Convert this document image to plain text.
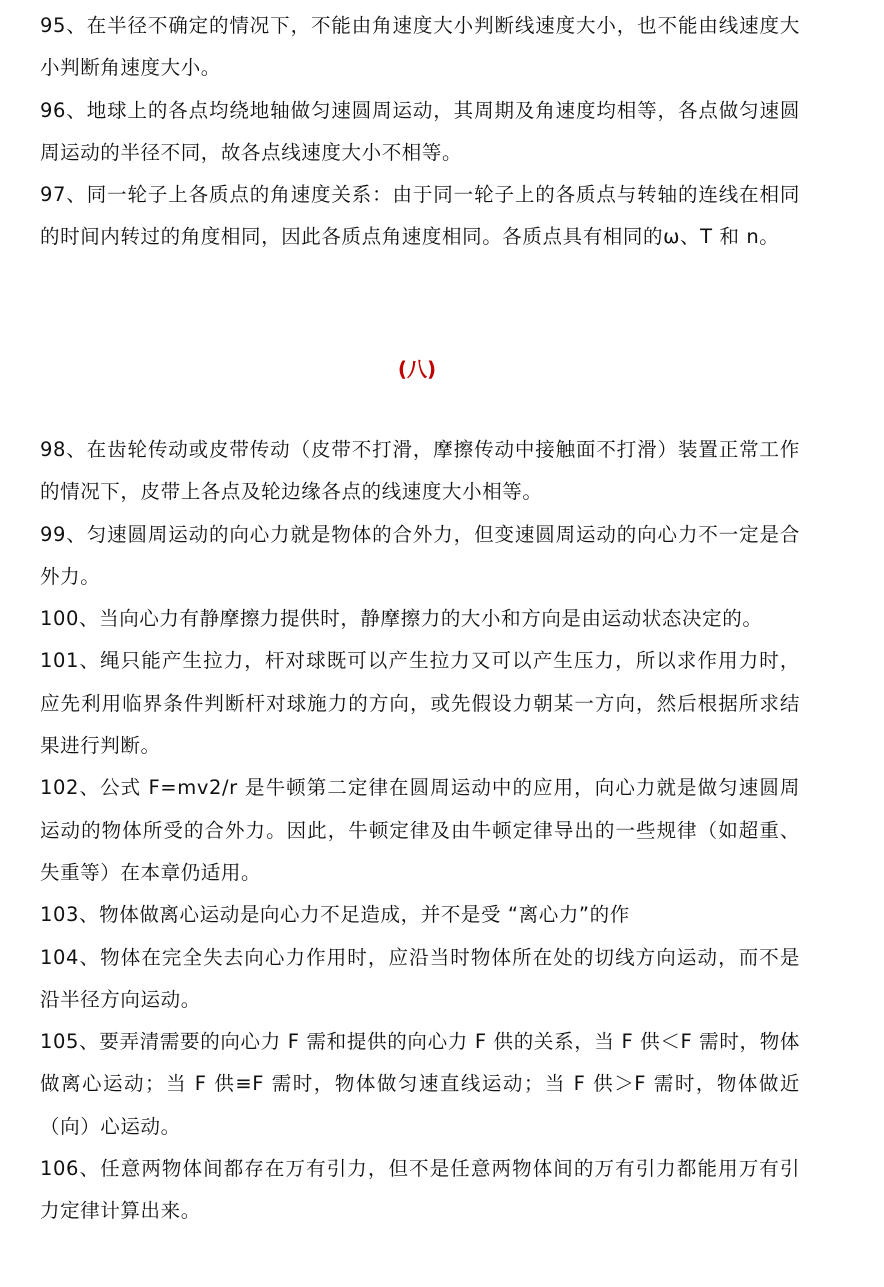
95、在半径不确定的情况下，不能由角速度大小判断线速度大小，也不能由线速度大小判断角速度大小。

96、地球上的各点均绕地轴做匀速圆周运动，其周期及角速度均相等，各点做匀速圆周运动的半径不同，故各点线速度大小不相等。

97、同一轮子上各质点的角速度关系：由于同一轮子上的各质点与转轴的连线在相同的时间内转过的角度相同，因此各质点角速度相同。各质点具有相同的ω、T 和 n。

(八)

98、在齿轮传动或皮带传动（皮带不打滑，摩擦传动中接触面不打滑）装置正常工作的情况下，皮带上各点及轮边缘各点的线速度大小相等。

99、匀速圆周运动的向心力就是物体的合外力，但变速圆周运动的向心力不一定是合外力。

100、当向心力有静摩擦力提供时，静摩擦力的大小和方向是由运动状态决定的。

101、绳只能产生拉力，杆对球既可以产生拉力又可以产生压力，所以求作用力时，应先利用临界条件判断杆对球施力的方向，或先假设力朝某一方向，然后根据所求结果进行判断。

102、公式 F=mv2/r 是牛顿第二定律在圆周运动中的应用，向心力就是做匀速圆周运动的物体所受的合外力。因此，牛顿定律及由牛顿定律导出的一些规律（如超重、失重等）在本章仍适用。

103、物体做离心运动是向心力不足造成，并不是受 “离心力”的作

104、物体在完全失去向心力作用时，应沿当时物体所在处的切线方向运动，而不是沿半径方向运动。

105、要弄清需要的向心力 F 需和提供的向心力 F 供的关系，当 F 供＜F 需时，物体做离心运动；当 F 供≡F 需时，物体做匀速直线运动；当 F 供＞F 需时，物体做近（向）心运动。

106、任意两物体间都存在万有引力，但不是任意两物体间的万有引力都能用万有引力定律计算出来。
